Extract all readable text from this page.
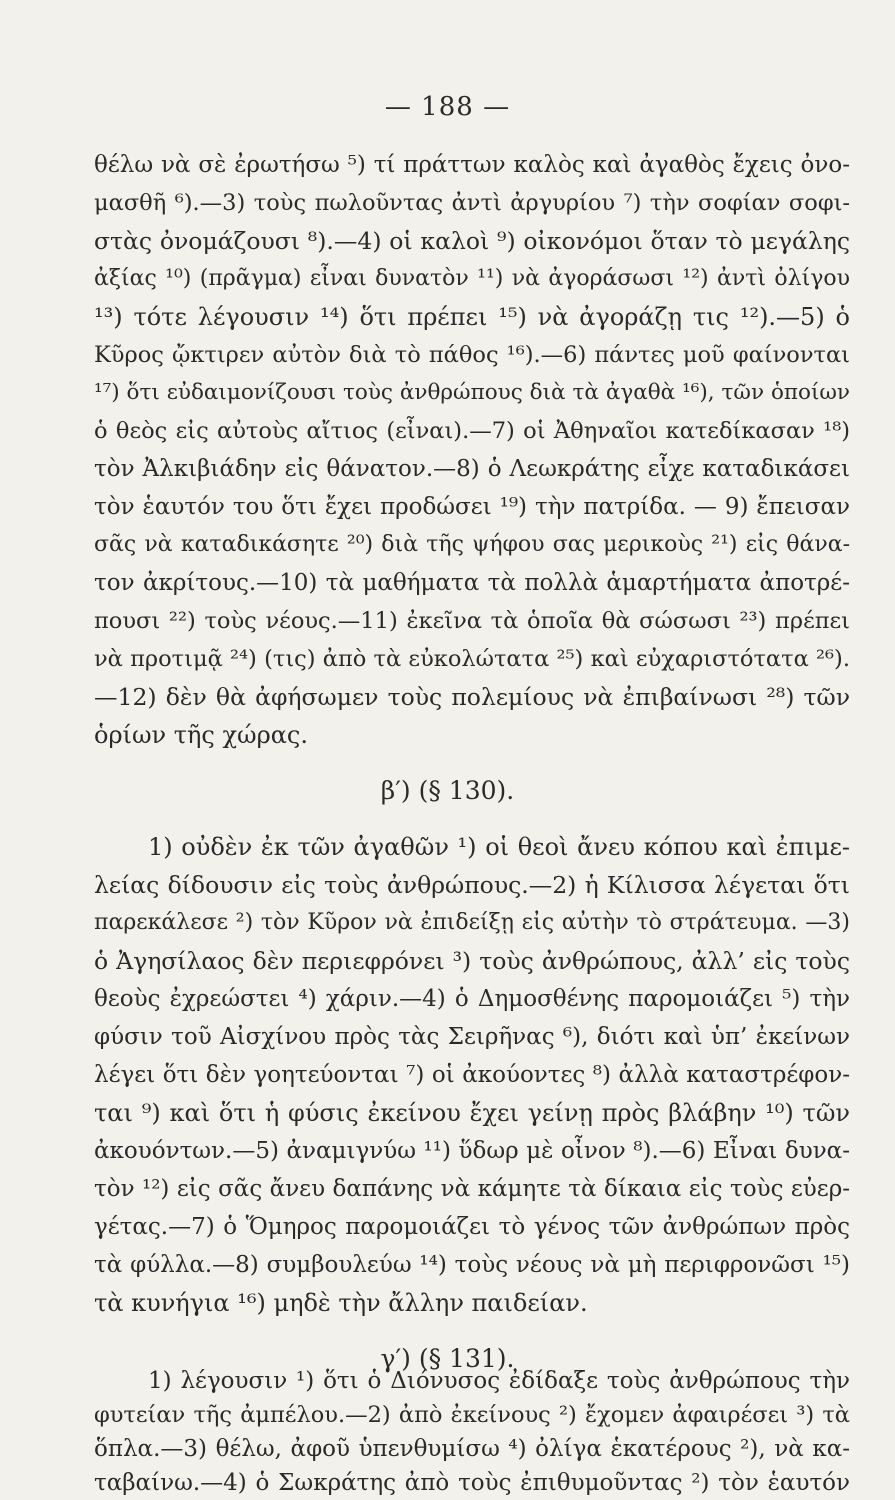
— 188 —
θέλω νὰ σὲ ἐρωτήσω ⁵) τί πράττων καλὸς καὶ ἀγαθὸς ἔχεις ὀνο-
μασθῆ ⁶).—3) τοὺς πωλοῦντας ἀντὶ ἀργυρίου ⁷) τὴν σοφίαν σοφι-
στὰς ὀνομάζουσι ⁸).—4) οἱ καλοὶ ⁹) οἰκονόμοι ὅταν τὸ μεγάλης
ἀξίας ¹⁰) (πρᾶγμα) εἶναι δυνατὸν ¹¹) νὰ ἀγοράσωσι ¹²) ἀντὶ ὀλίγου
¹³) τότε λέγουσιν ¹⁴) ὅτι πρέπει ¹⁵) νὰ ἀγοράζῃ τις ¹²).—5) ὁ
Κῦρος ᾤκτιρεν αὐτὸν διὰ τὸ πάθος ¹⁶).—6) πάντες μοῦ φαίνονται
¹⁷) ὅτι εὐδαιμονίζουσι τοὺς ἀνθρώπους διὰ τὰ ἀγαθὰ ¹⁶), τῶν ὁποίων
ὁ θεὸς εἰς αὐτοὺς αἴτιος (εἶναι).—7) οἱ Ἀθηναῖοι κατεδίκασαν ¹⁸)
τὸν Ἀλκιβιάδην εἰς θάνατον.—8) ὁ Λεωκράτης εἶχε καταδικάσει
τὸν ἑαυτόν του ὅτι ἔχει προδώσει ¹⁹) τὴν πατρίδα. — 9) ἔπεισαν
σᾶς νὰ καταδικάσητε ²⁰) διὰ τῆς ψήφου σας μερικοὺς ²¹) εἰς θάνα-
τον ἀκρίτους.—10) τὰ μαθήματα τὰ πολλὰ ἁμαρτήματα ἀποτρέ-
πουσι ²²) τοὺς νέους.—11) ἐκεῖνα τὰ ὁποῖα θὰ σώσωσι ²³) πρέπει
νὰ προτιμᾷ ²⁴) (τις) ἀπὸ τὰ εὐκολώτατα ²⁵) καὶ εὐχαριστότατα ²⁶).
—12) δὲν θὰ ἀφήσωμεν τοὺς πολεμίους νὰ ἐπιβαίνωσι ²⁸) τῶν
ὁρίων τῆς χώρας.
β′) (§ 130).
1) οὐδὲν ἐκ τῶν ἀγαθῶν ¹) οἱ θεοὶ ἄνευ κόπου καὶ ἐπιμε-
λείας δίδουσιν εἰς τοὺς ἀνθρώπους.—2) ἡ Κίλισσα λέγεται ὅτι
παρεκάλεσε ²) τὸν Κῦρον νὰ ἐπιδείξῃ εἰς αὐτὴν τὸ στράτευμα. —3)
ὁ Ἀγησίλαος δὲν περιεφρόνει ³) τοὺς ἀνθρώπους, ἀλλ’ εἰς τοὺς
θεοὺς ἐχρεώστει ⁴) χάριν.—4) ὁ Δημοσθένης παρομοιάζει ⁵) τὴν
φύσιν τοῦ Αἰσχίνου πρὸς τὰς Σειρῆνας ⁶), διότι καὶ ὑπ’ ἐκείνων
λέγει ὅτι δὲν γοητεύονται ⁷) οἱ ἀκούοντες ⁸) ἀλλὰ καταστρέφον-
ται ⁹) καὶ ὅτι ἡ φύσις ἐκείνου ἔχει γείνῃ πρὸς βλάβην ¹⁰) τῶν
ἀκουόντων.—5) ἀναμιγνύω ¹¹) ὕδωρ μὲ οἶνον ⁸).—6) Εἶναι δυνα-
τὸν ¹²) εἰς σᾶς ἄνευ δαπάνης νὰ κάμητε τὰ δίκαια εἰς τοὺς εὐερ-
γέτας.—7) ὁ Ὅμηρος παρομοιάζει τὸ γένος τῶν ἀνθρώπων πρὸς
τὰ φύλλα.—8) συμβουλεύω ¹⁴) τοὺς νέους νὰ μὴ περιφρονῶσι ¹⁵)
τὰ κυνήγια ¹⁶) μηδὲ τὴν ἄλλην παιδείαν.
γ′) (§ 131).
1) λέγουσιν ¹) ὅτι ὁ Διόνυσος ἐδίδαξε τοὺς ἀνθρώπους τὴν
φυτείαν τῆς ἀμπέλου.—2) ἀπὸ ἐκείνους ²) ἔχομεν ἀφαιρέσει ³) τὰ
ὅπλα.—3) θέλω, ἀφοῦ ὑπενθυμίσω ⁴) ὀλίγα ἑκατέρους ²), νὰ κα-
ταβαίνω.—4) ὁ Σωκράτης ἀπὸ τοὺς ἐπιθυμοῦντας ²) τὸν ἑαυτόν
